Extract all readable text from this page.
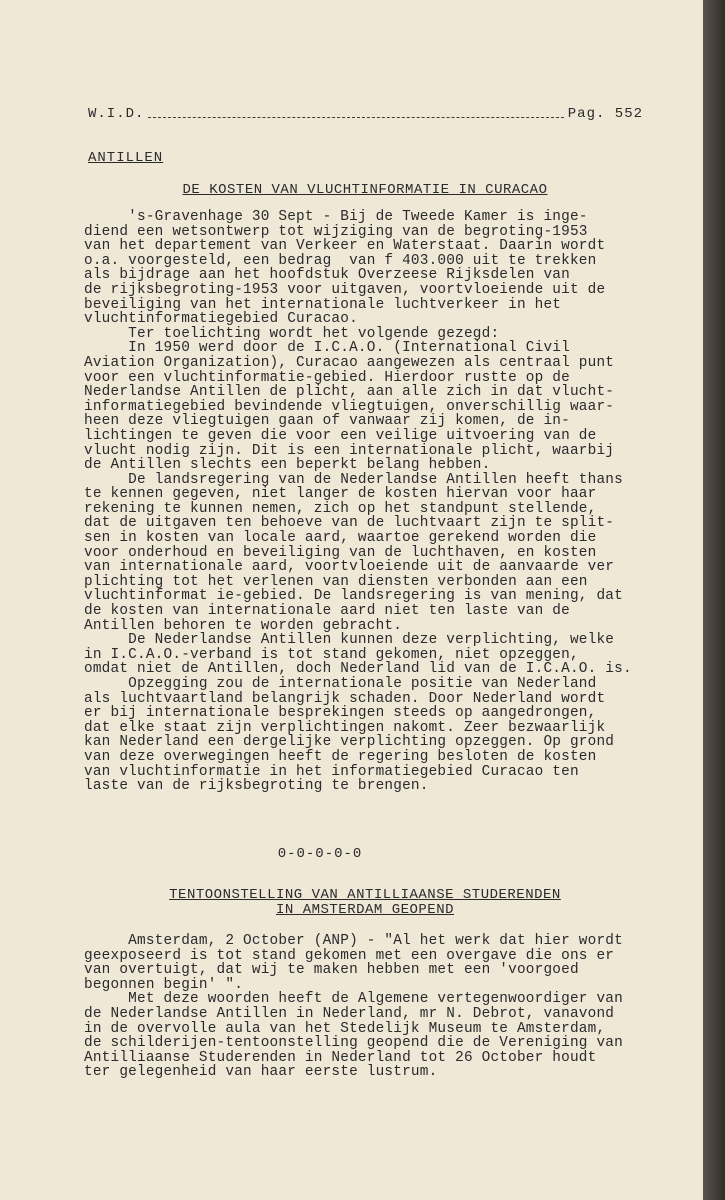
W.I.D.	Pag. 552
ANTILLEN
DE KOSTEN VAN VLUCHTINFORMATIE IN CURACAO
's-Gravenhage 30 Sept - Bij de Tweede Kamer is inge-
diend een wetsontwerp tot wijziging van de begroting-1953
van het departement van Verkeer en Waterstaat. Daarin wordt
o.a. voorgesteld, een bedrag  van f 403.000 uit te trekken
als bijdrage aan het hoofdstuk Overzeese Rijksdelen van
de rijksbegroting-1953 voor uitgaven, voortvloeiende uit de
beveiliging van het internationale luchtverkeer in het
vluchtinformatiegebied Curacao.
Ter toelichting wordt het volgende gezegd:
In 1950 werd door de I.C.A.O. (International Civil
Aviation Organization), Curacao aangewezen als centraal punt
voor een vluchtinformatie-gebied. Hierdoor rustte op de
Nederlandse Antillen de plicht, aan alle zich in dat vlucht-
informatiegebied bevindende vliegtuigen, onverschillig waar-
heen deze vliegtuigen gaan of vanwaar zij komen, de in-
lichtingen te geven die voor een veilige uitvoering van de
vlucht nodig zijn. Dit is een internationale plicht, waarbij
de Antillen slechts een beperkt belang hebben.
De landsregering van de Nederlandse Antillen heeft thans
te kennen gegeven, niet langer de kosten hiervan voor haar
rekening te kunnen nemen, zich op het standpunt stellende,
dat de uitgaven ten behoeve van de luchtvaart zijn te split-
sen in kosten van locale aard, waartoe gerekend worden die
voor onderhoud en beveiliging van de luchthaven, en kosten
van internationale aard, voortvloeiende uit de aanvaarde ver
plichting tot het verlenen van diensten verbonden aan een
vluchtinformat ie-gebied. De landsregering is van mening, dat
de kosten van internationale aard niet ten laste van de
Antillen behoren te worden gebracht.
De Nederlandse Antillen kunnen deze verplichting, welke
in I.C.A.O.-verband is tot stand gekomen, niet opzeggen,
omdat niet de Antillen, doch Nederland lid van de I.C.A.O. is.
Opzegging zou de internationale positie van Nederland
als luchtvaartland belangrijk schaden. Door Nederland wordt
er bij internationale besprekingen steeds op aangedrongen,
dat elke staat zijn verplichtingen nakomt. Zeer bezwaarlijk
kan Nederland een dergelijke verplichting opzeggen. Op grond
van deze overwegingen heeft de regering besloten de kosten
van vluchtinformatie in het informatiegebied Curacao ten
laste van de rijksbegroting te brengen.
0-0-0-0-0
TENTOONSTELLING VAN ANTILLIAANSE STUDERENDEN
IN AMSTERDAM GEOPEND
Amsterdam, 2 October (ANP) - "Al het werk dat hier wordt
geexposeerd is tot stand gekomen met een overgave die ons er
van overtuigt, dat wij te maken hebben met een 'voorgoed
begonnen begin' ".
Met deze woorden heeft de Algemene vertegenwoordiger van
de Nederlandse Antillen in Nederland, mr N. Debrot, vanavond
in de overvolle aula van het Stedelijk Museum te Amsterdam,
de schilderijen-tentoonstelling geopend die de Vereniging van
Antilliaanse Studerenden in Nederland tot 26 October houdt
ter gelegenheid van haar eerste lustrum.
